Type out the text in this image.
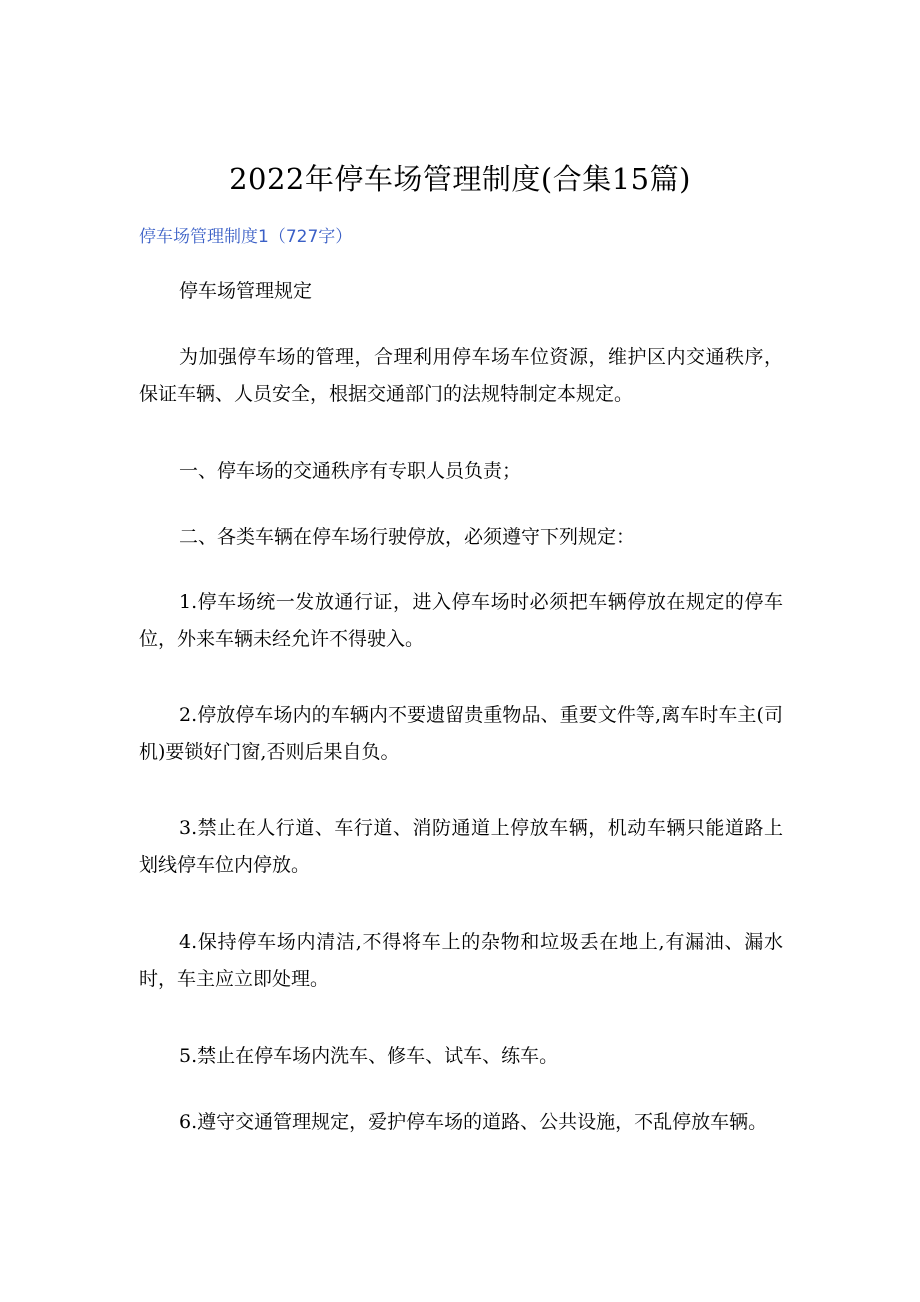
2022年停车场管理制度(合集15篇)
停车场管理制度1（727字）

停车场管理规定

为加强停车场的管理，合理利用停车场车位资源，维护区内交通秩序，保证车辆、人员安全，根据交通部门的法规特制定本规定。

一、停车场的交通秩序有专职人员负责；

二、各类车辆在停车场行驶停放，必须遵守下列规定：

1.停车场统一发放通行证，进入停车场时必须把车辆停放在规定的停车位，外来车辆未经允许不得驶入。

2.停放停车场内的车辆内不要遗留贵重物品、重要文件等,离车时车主(司机)要锁好门窗,否则后果自负。

3.禁止在人行道、车行道、消防通道上停放车辆，机动车辆只能道路上划线停车位内停放。

4.保持停车场内清洁,不得将车上的杂物和垃圾丢在地上,有漏油、漏水时，车主应立即处理。

5.禁止在停车场内洗车、修车、试车、练车。

6.遵守交通管理规定，爱护停车场的道路、公共设施，不乱停放车辆。
